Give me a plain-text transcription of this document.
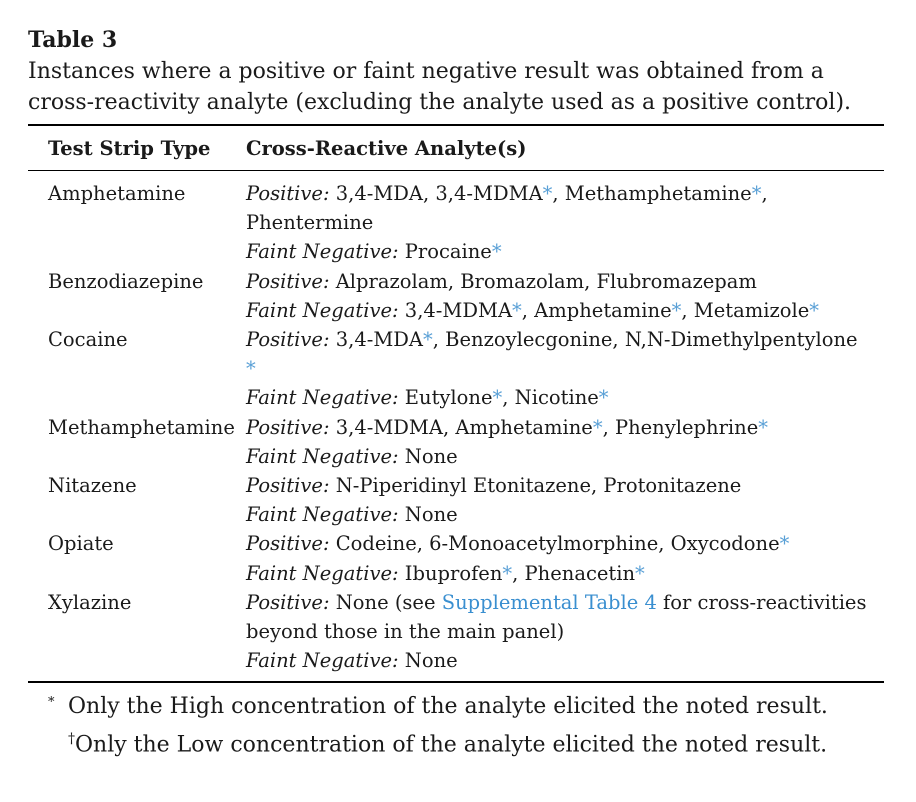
Table 3
Instances where a positive or faint negative result was obtained from a cross-reactivity analyte (excluding the analyte used as a positive control).
Test Strip Type	Cross-Reactive Analyte(s)
Amphetamine	Positive: 3,4-MDA, 3,4-MDMA*, Methamphetamine*, Phentermine
Faint Negative: Procaine*
Benzodiazepine	Positive: Alprazolam, Bromazolam, Flubromazepam
Faint Negative: 3,4-MDMA*, Amphetamine*, Metamizole*
Cocaine	Positive: 3,4-MDA*, Benzoylecgonine, N,N-Dimethylpentylone *
Faint Negative: Eutylone*, Nicotine*
Methamphetamine Positive: 3,4-MDMA, Amphetamine*, Phenylephrine*
Faint Negative: None
Nitazene	Positive: N-Piperidinyl Etonitazene, Protonitazene
Faint Negative: None
Opiate	Positive: Codeine, 6-Monoacetylmorphine, Oxycodone*
Faint Negative: Ibuprofen*, Phenacetin*
Xylazine	Positive: None (see Supplemental Table 4 for cross-reactivities beyond those in the main panel)
Faint Negative: None
* Only the High concentration of the analyte elicited the noted result.
†Only the Low concentration of the analyte elicited the noted result.
